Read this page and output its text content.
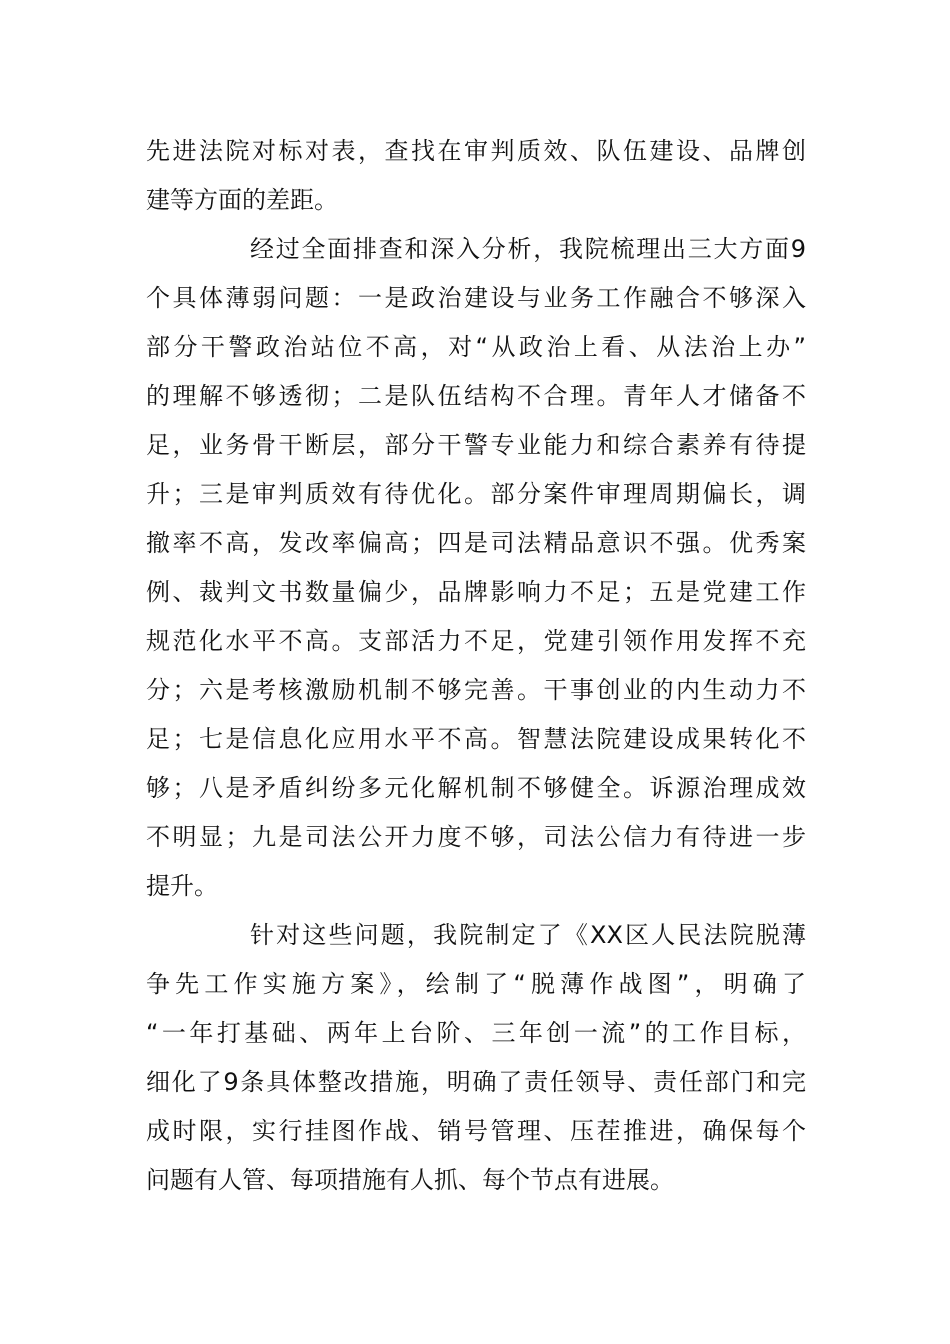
先进法院对标对表，查找在审判质效、队伍建设、品牌创
建等方面的差距。
经过全面排查和深入分析，我院梳理出三大方面9
个具体薄弱问题：一是政治建设与业务工作融合不够深入
部分干警政治站位不高，对“从政治上看、从法治上办”
的理解不够透彻；二是队伍结构不合理。青年人才储备不
足，业务骨干断层，部分干警专业能力和综合素养有待提
升；三是审判质效有待优化。部分案件审理周期偏长，调
撤率不高，发改率偏高；四是司法精品意识不强。优秀案
例、裁判文书数量偏少，品牌影响力不足；五是党建工作
规范化水平不高。支部活力不足，党建引领作用发挥不充
分；六是考核激励机制不够完善。干事创业的内生动力不
足；七是信息化应用水平不高。智慧法院建设成果转化不
够；八是矛盾纠纷多元化解机制不够健全。诉源治理成效
不明显；九是司法公开力度不够，司法公信力有待进一步
提升。
针对这些问题，我院制定了《XX区人民法院脱薄
争先工作实施方案》，绘制了“脱薄作战图”，明确了
“一年打基础、两年上台阶、三年创一流”的工作目标，
细化了9条具体整改措施，明确了责任领导、责任部门和完
成时限，实行挂图作战、销号管理、压茬推进，确保每个
问题有人管、每项措施有人抓、每个节点有进展。
